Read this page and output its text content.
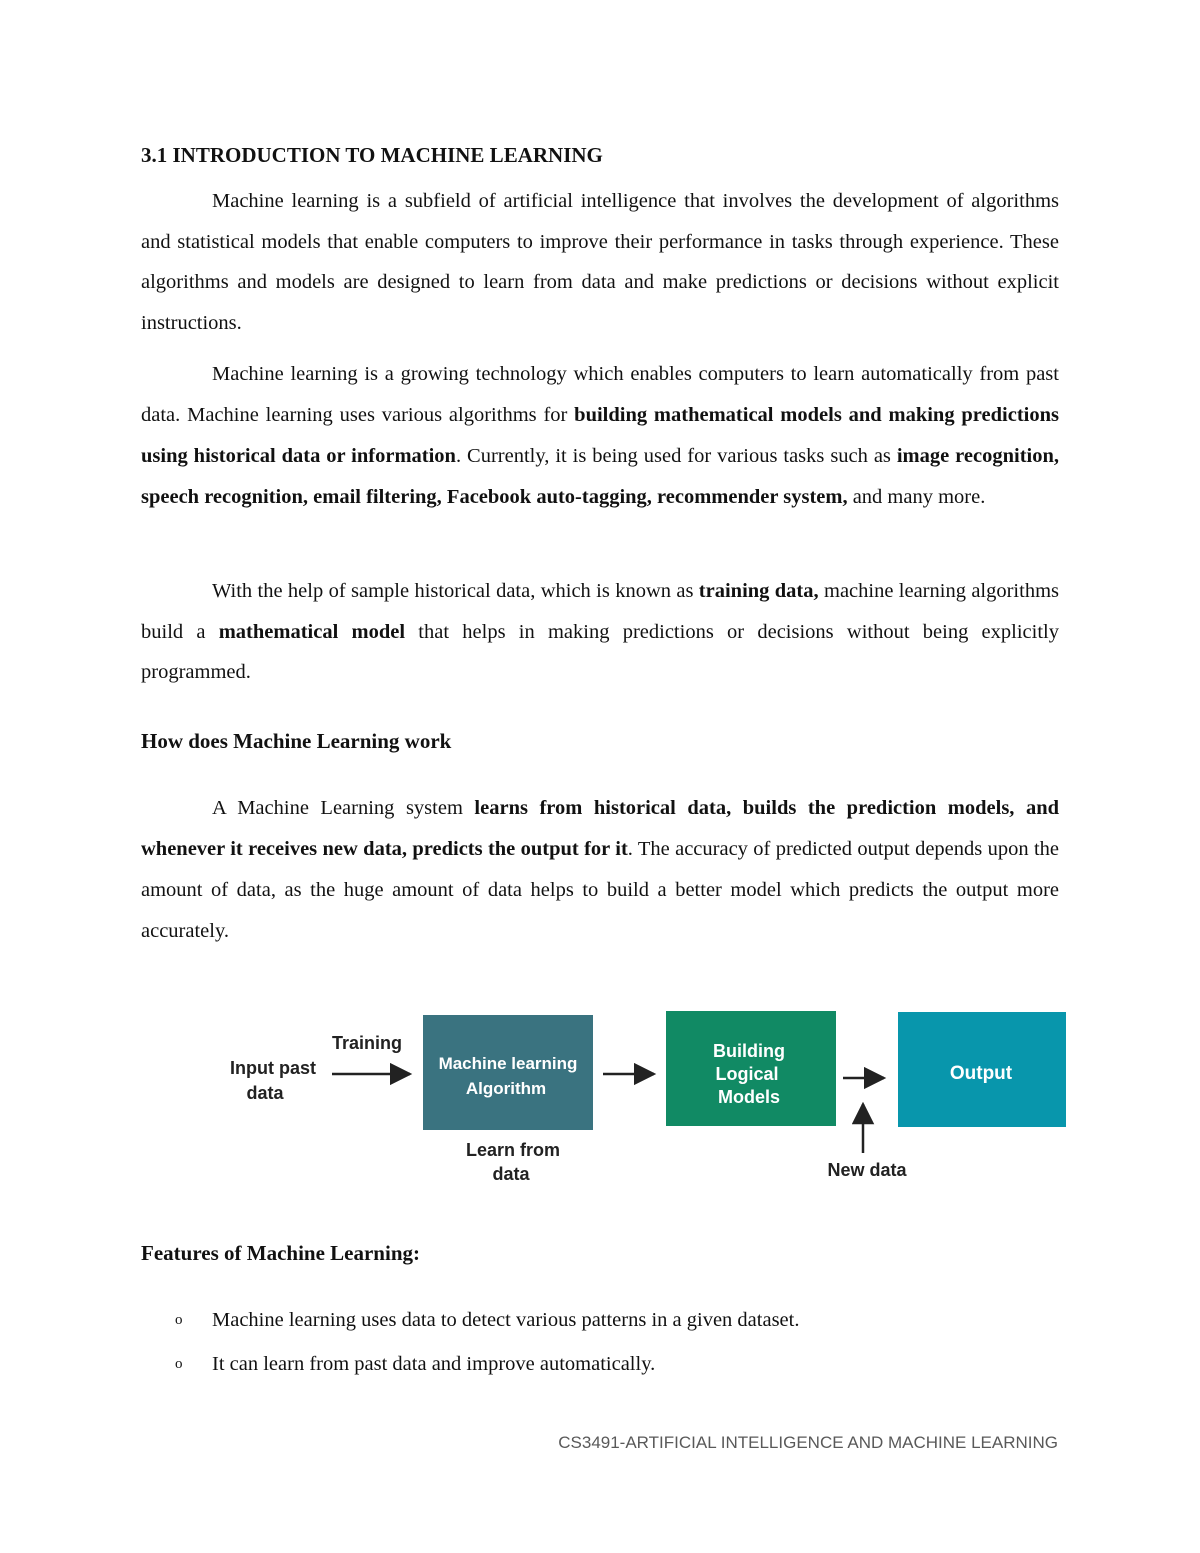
3.1 INTRODUCTION TO MACHINE LEARNING

Machine learning is a subfield of artificial intelligence that involves the development of algorithms and statistical models that enable computers to improve their performance in tasks through experience. These algorithms and models are designed to learn from data and make predictions or decisions without explicit instructions.

Machine learning is a growing technology which enables computers to learn automatically from past data. Machine learning uses various algorithms for building mathematical models and making predictions using historical data or information. Currently, it is being used for various tasks such as image recognition, speech recognition, email filtering, Facebook auto-tagging, recommender system, and many more.

With the help of sample historical data, which is known as training data, machine learning algorithms build a mathematical model that helps in making predictions or decisions without being explicitly programmed.

How does Machine Learning work

A Machine Learning system learns from historical data, builds the prediction models, and whenever it receives new data, predicts the output for it. The accuracy of predicted output depends upon the amount of data, as the huge amount of data helps to build a better model which predicts the output more accurately.

Input past
data
Training
Machine learning
Algorithm
Learn from
data
Building
Logical
Models
New data
Output
Features of Machine Learning:
o Machine learning uses data to detect various patterns in a given dataset.
o It can learn from past data and improve automatically.

CS3491-ARTIFICIAL INTELLIGENCE AND MACHINE LEARNING
